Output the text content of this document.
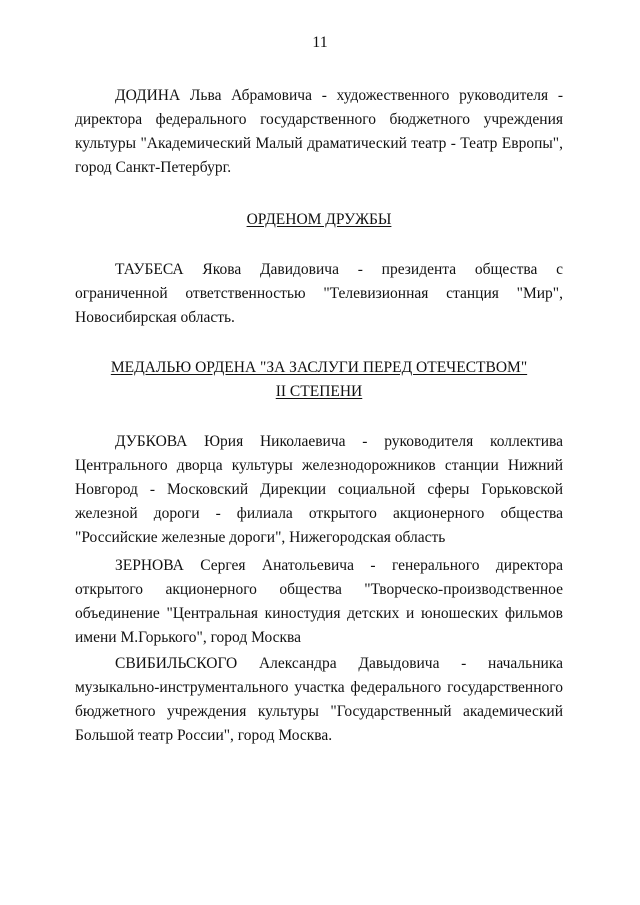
11

ДОДИНА Льва Абрамовича - художественного руководителя - директора федерального государственного бюджетного учреждения культуры "Академический Малый драматический театр - Театр Европы", город Санкт-Петербург.

ОРДЕНОМ ДРУЖБЫ

ТАУБЕСА Якова Давидовича - президента общества с ограниченной ответственностью "Телевизионная станция "Мир", Новосибирская область.

МЕДАЛЬЮ ОРДЕНА "ЗА ЗАСЛУГИ ПЕРЕД ОТЕЧЕСТВОМ"

II СТЕПЕНИ

ДУБКОВА Юрия Николаевича - руководителя коллектива Центрального дворца культуры железнодорожников станции Нижний Новгород - Московский Дирекции социальной сферы Горьковской железной дороги - филиала открытого акционерного общества "Российские железные дороги", Нижегородская область

ЗЕРНОВА Сергея Анатольевича - генерального директора открытого акционерного общества "Творческо-производственное объединение "Центральная киностудия детских и юношеских фильмов имени М.Горького", город Москва

СВИБИЛЬСКОГО Александра Давыдовича - начальника музыкально-инструментального участка федерального государственного бюджетного учреждения культуры "Государственный академический Большой театр России", город Москва.
